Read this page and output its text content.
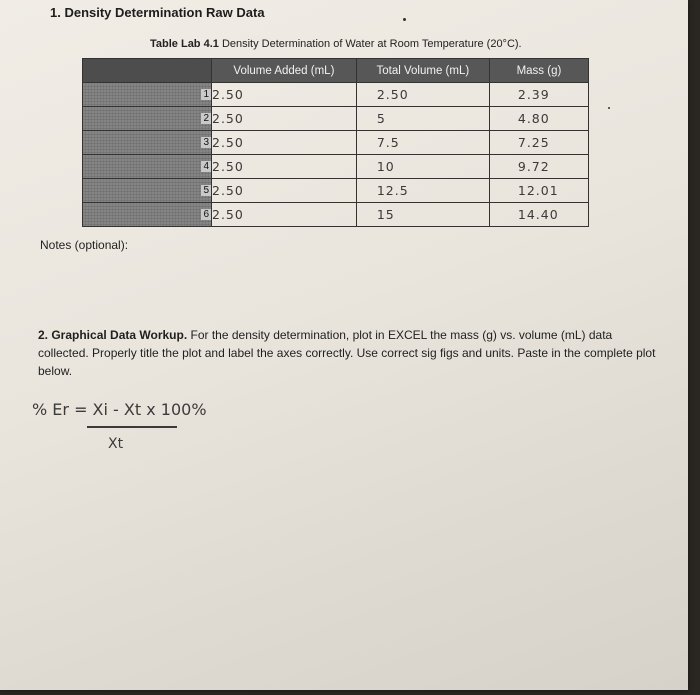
1. Density Determination Raw Data
Table Lab 4.1 Density Determination of Water at Room Temperature (20°C).
	Volume Added (mL)	Total Volume (mL)	Mass (g)
1	2.50	2.50	2.39
2	2.50	5	4.80
3	2.50	7.5	7.25
4	2.50	10	9.72
5	2.50	12.5	12.01
6	2.50	15	14.40
Notes (optional):
2. Graphical Data Workup. For the density determination, plot in EXCEL the mass (g) vs. volume (mL) data collected. Properly title the plot and label the axes correctly. Use correct sig figs and units. Paste in the complete plot below.
% Er = Xi - Xt x 100%
Xt
